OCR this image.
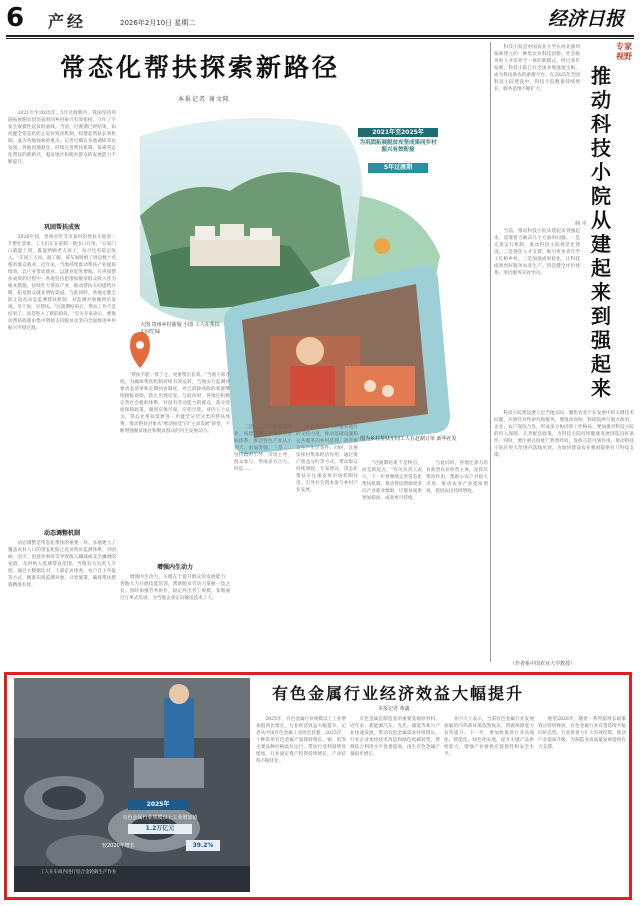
6 产经	2026年2月10日 星期二	经济日报
常态化帮扶探索新路径
本报记者 谢文隆
　　2021年至2025年，5年过渡期内，我国坚持巩固拓展脱贫攻坚成果同乡村振兴有效衔接，守住了不发生规模性返贫的底线。当前，过渡期已经结束，如何健全常态化防止返贫致贫机制，构建起帮扶长效机制，成为各地探索的重点。记者近期在多地调研采访发现，各地因地制宜，持续完善帮扶机制，探索常态化帮扶的新路径，脱贫地区和脱贫群众的发展能力不断提升。
巩固帮扶成效
　　2026年初，贵州省毕节市某村的帮扶车间里一片繁忙景象。工人们正在赶制一批出口订单。"在家门口就能上班，既能照顾老人孩子，每月还有稳定收入。"车间工人说。据了解，该车间吸纳了周边数十名脱贫群众就业。近年来，当地持续推动帮扶产业提质增效，以产业带动就业、以就业促进增收。在巩固帮扶成效的过程中，各地坚持把增加脱贫群众收入作为根本措施，持续壮大帮扶产业，推动帮扶车间提档升级，拓宽群众就业增收渠道。与此同时，各地还健全防止返贫动态监测帮扶机制，对监测对象做到早发现、早干预、早帮扶。"过渡期结束后，帮扶工作不是结束了，而是进入了新的阶段。"有关专家表示，要推动帮扶政策由集中资源支持脱贫攻坚向全面推进乡村振兴平稳过渡。
动态调整机制
　　动态调整是常态化帮扶的重要一环。多地建立了覆盖农村人口的常态化防止返贫致贫监测体系，对因病、因灾、因意外事故等导致收入骤减或支出骤增的家庭，及时纳入监测帮扶范围。当地有关负责人介绍，通过大数据比对、干部走访排查、农户自主申报等方式，精准识别监测对象，分类施策，确保帮扶措施精准有效。
2021年至2025年
为巩固拓展脱贫攻坚成果同乡村振兴有效衔接
5年过渡期
大图 贵州乡村新貌 小图 工人在帮扶车间忙碌
图为乡村帮扶车间工人在赶制订单 新华社发
　　"帮扶不能一帮了之，更要帮出长效。"当地干部介绍，为确保帮扶机制持续有效运转，当地实行监测对象动态清零和定期回访制度，对已消除风险的家庭继续跟踪观察，防止出现反复。与此同时，各地还积极完善社会救助体系，对没有劳动能力的群众，落实兜底保障政策，做到应保尽保、应兜尽兜。业内人士认为，常态化帮扶需要进一步健全分层分类的帮扶体系，推动帮扶对象从"被动接受"向"主动发展"转变，不断增强脱贫地区和脱贫群众的内生发展动力。
增强内生动力
　　增强内生动力，关键在于提升群众的发展能力。各地大力开展技能培训，帮助脱贫劳动力掌握一技之长，同时加强劳务协作，稳定外出务工规模。某地通过订单式培训，为当地企业定向输送技术工人。
　　二是……以产业带动就业，构建起覆盖全链条的帮扶体系，推动特色产业从小到大、由弱变强。三是……坚持政府引导、市场主导、群众参与，形成多方合力。四是……
　　各地持续加大对脱贫地区的支持力度，推动基础设施和公共服务向乡村延伸，改善群众生产生活条件。同时，注重发挥村集体经济作用，通过资产收益分红等方式，带动群众持续增收。专家建议，常态化帮扶应注重发挥市场机制作用，引导社会资本参与乡村产业发展。
　　"过渡期结束不是终点，而是新起点。"有关负责人表示，下一步将继续完善常态化帮扶机制，推动帮扶资源更多向产业就业倾斜，让脱贫成果更加稳固、成效更可持续。
　　与此同时，各地还着力培育新型农业经营主体，发挥其带动作用，帮助小农户对接大市场，推动农业产业提质增效，促进农民持续增收。
　　科技小院是中国农业大学在河北曲周探索建立的一种集农业科技创新、社会服务和人才培养于一体的新模式。经过多年发展，科技小院已在全国多地落地生根，成为科技助农的重要平台。在2025年全国科技小院建设中，科技小院数量持续增长，服务范围不断扩大。
专家视野
推动科技小院从建起来到强起来
何 平
　　当前，推动科技小院从建起来到强起来，需要着力解决几个方面的问题。一是完善运行机制，推动科技小院规范化建设。二是强化人才支撑，吸引更多青年学子扎根乡村。三是加强成果转化，让科技成果更好服务农业生产。四是健全评价体系，突出服务实效导向。
　　科技小院建设要立足当地实际，聚焦农业产业发展中的关键技术问题，开展针对性研究和服务。要推动高校、科研院所与地方政府、企业、农户深度合作，形成多方协同的工作格局。要加强对科技小院的投入保障，完善配套政策，为科技小院持续健康发展创造良好条件。同时，要注重总结推广典型经验，发挥示范引领作用，推动科技小院在更大范围内落地见效，为加快建设农业强国提供有力科技支撑。
（作者系中国农业大学教授）
有色金属行业经济效益大幅提升
本报记者 黄鑫
2025年
有色金属行业规模以上工业增加值
1.2万亿元
较2020年增长	39.2%
工人在车间内进行铝合金轮毂生产作业
　　2025年，有色金属行业规模以上工业增加值同比增长，行业经济效益大幅提升。记者从中国有色金属工业协会获悉，2025年，十种常用有色金属产量保持增长，铜、铝等主要品种价格高位运行，带动行业利润明显增加。行业固定资产投资持续增长，产业结构不断优化。
　　有色金属是制造业的重要基础原材料。近年来，新能源汽车、光伏、储能等新兴产业快速发展，带动有色金属需求持续增长。行业企业加快技术改造和绿色低碳转型，资源综合利用水平显著提高，再生有色金属产量稳步增长。
　　业内人士表示，当前有色金属行业发展面临的内外部环境依然复杂，资源保障能力有待提升。下一步，要加快推进行业高端化、智能化、绿色化发展，提升关键产品供给能力，增强产业链供应链韧性和安全水平。
　　展望2026年，随着一系列稳增长政策效应持续释放，有色金属行业有望延续平稳向好态势。行业将着力扩大有效投资，推动产业提质升级，为制造业高质量发展提供有力支撑。
